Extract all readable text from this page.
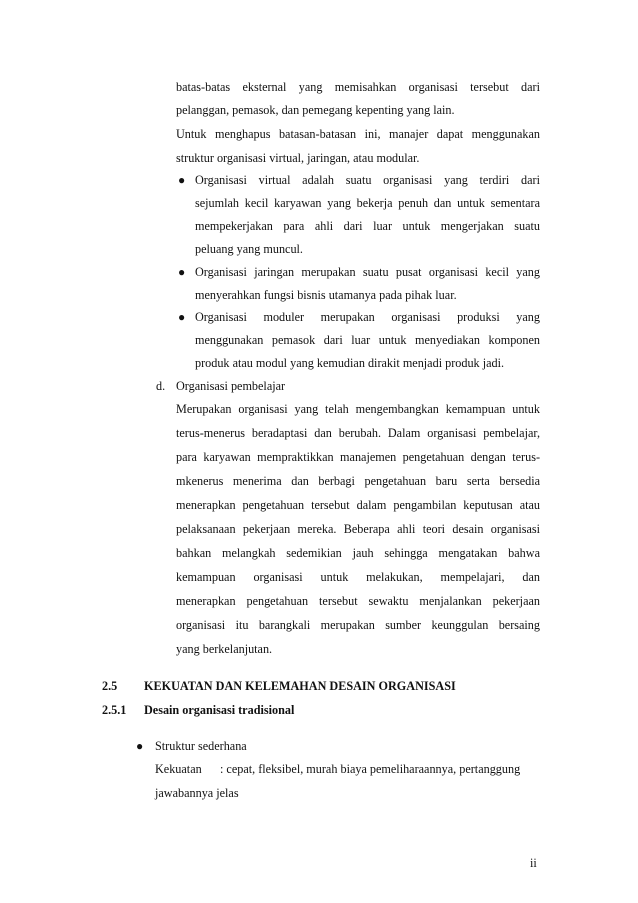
batas-batas eksternal yang memisahkan organisasi tersebut dari
pelanggan, pemasok, dan pemegang kepenting yang lain.
Untuk menghapus batasan-batasan ini, manajer dapat menggunakan
struktur organisasi virtual, jaringan, atau modular.
● Organisasi virtual adalah suatu organisasi yang terdiri dari
sejumlah kecil karyawan yang bekerja penuh dan untuk sementara
mempekerjakan para ahli dari luar untuk mengerjakan suatu
peluang yang muncul.
● Organisasi jaringan merupakan suatu pusat organisasi kecil yang
menyerahkan fungsi bisnis utamanya pada pihak luar.
● Organisasi moduler merupakan organisasi produksi yang
menggunakan pemasok dari luar untuk menyediakan komponen
produk atau modul yang kemudian dirakit menjadi produk jadi.
d. Organisasi pembelajar
Merupakan organisasi yang telah mengembangkan kemampuan untuk
terus-menerus beradaptasi dan berubah. Dalam organisasi pembelajar,
para karyawan mempraktikkan manajemen pengetahuan dengan terus-
mkenerus menerima dan berbagi pengetahuan baru serta bersedia
menerapkan pengetahuan tersebut dalam pengambilan keputusan atau
pelaksanaan pekerjaan mereka. Beberapa ahli teori desain organisasi
bahkan melangkah sedemikian jauh sehingga mengatakan bahwa
kemampuan organisasi untuk melakukan, mempelajari, dan
menerapkan pengetahuan tersebut sewaktu menjalankan pekerjaan
organisasi itu barangkali merupakan sumber keunggulan bersaing
yang berkelanjutan.
2.5 KEKUATAN DAN KELEMAHAN DESAIN ORGANISASI
2.5.1 Desain organisasi tradisional
● Struktur sederhana
Kekuatan : cepat, fleksibel, murah biaya pemeliharaannya, pertanggung
jawabannya jelas
ii
